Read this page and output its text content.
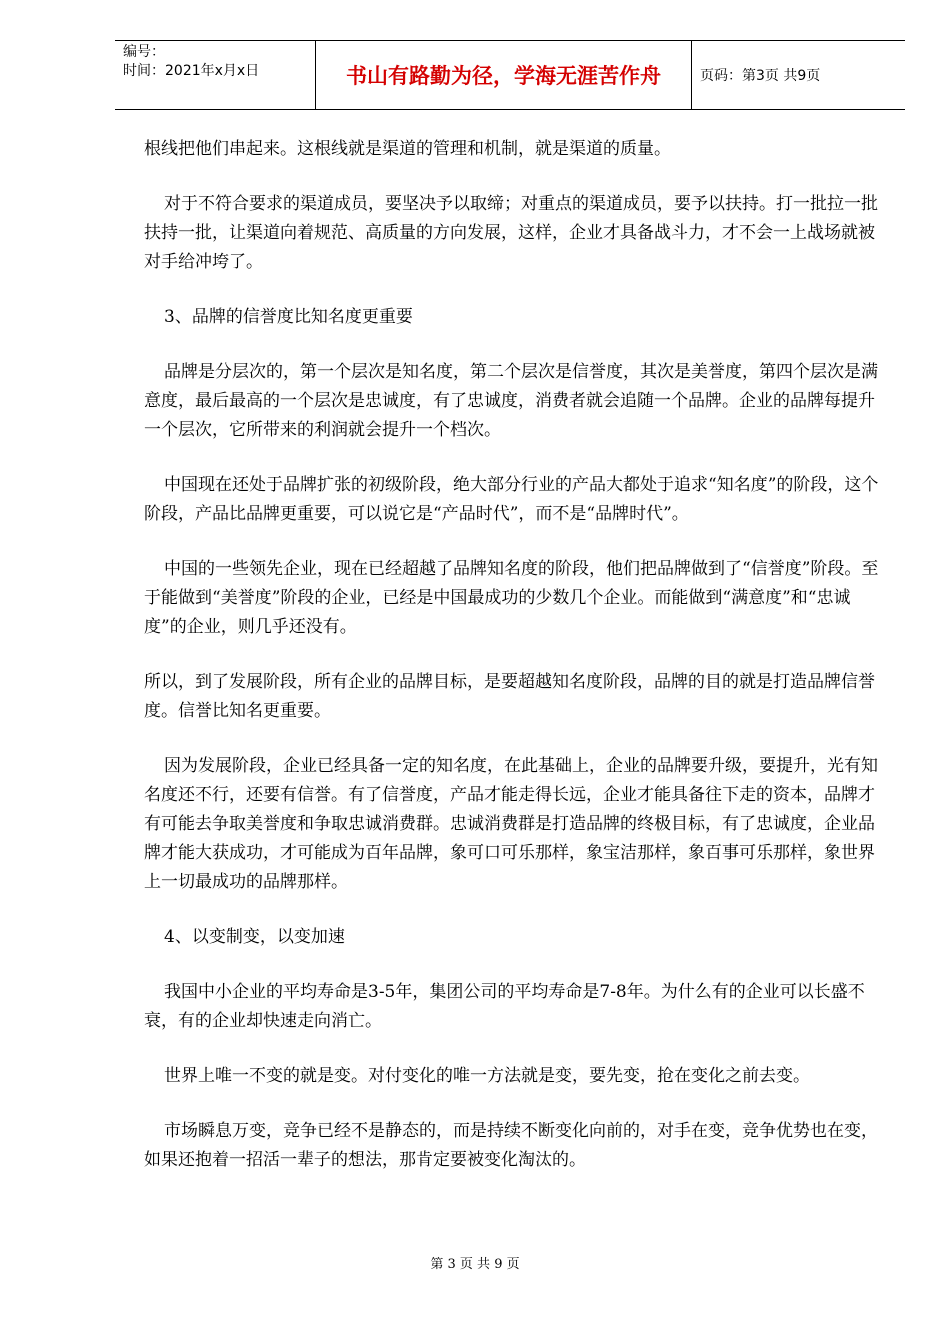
编号：
时间：2021年x月x日	书山有路勤为径，学海无涯苦作舟	页码：第3页 共9页

根线把他们串起来。这根线就是渠道的管理和机制，就是渠道的质量。

对于不符合要求的渠道成员，要坚决予以取缔；对重点的渠道成员，要予以扶持。打一批拉一批扶持一批，让渠道向着规范、高质量的方向发展，这样，企业才具备战斗力，才不会一上战场就被对手给冲垮了。

3、品牌的信誉度比知名度更重要

品牌是分层次的，第一个层次是知名度，第二个层次是信誉度，其次是美誉度，第四个层次是满意度，最后最高的一个层次是忠诚度，有了忠诚度，消费者就会追随一个品牌。企业的品牌每提升一个层次，它所带来的利润就会提升一个档次。

中国现在还处于品牌扩张的初级阶段，绝大部分行业的产品大都处于追求“知名度”的阶段，这个阶段，产品比品牌更重要，可以说它是“产品时代”，而不是“品牌时代”。

中国的一些领先企业，现在已经超越了品牌知名度的阶段，他们把品牌做到了“信誉度”阶段。至于能做到“美誉度”阶段的企业，已经是中国最成功的少数几个企业。而能做到“满意度”和“忠诚度”的企业，则几乎还没有。

所以，到了发展阶段，所有企业的品牌目标，是要超越知名度阶段，品牌的目的就是打造品牌信誉度。信誉比知名更重要。

因为发展阶段，企业已经具备一定的知名度，在此基础上，企业的品牌要升级，要提升，光有知名度还不行，还要有信誉。有了信誉度，产品才能走得长远，企业才能具备往下走的资本，品牌才有可能去争取美誉度和争取忠诚消费群。忠诚消费群是打造品牌的终极目标，有了忠诚度，企业品牌才能大获成功，才可能成为百年品牌，象可口可乐那样，象宝洁那样，象百事可乐那样，象世界上一切最成功的品牌那样。

4、以变制变，以变加速

我国中小企业的平均寿命是3-5年，集团公司的平均寿命是7-8年。为什么有的企业可以长盛不衰，有的企业却快速走向消亡。

世界上唯一不变的就是变。对付变化的唯一方法就是变，要先变，抢在变化之前去变。

市场瞬息万变，竞争已经不是静态的，而是持续不断变化向前的，对手在变，竞争优势也在变，如果还抱着一招活一辈子的想法，那肯定要被变化淘汰的。

第 3 页 共 9 页
